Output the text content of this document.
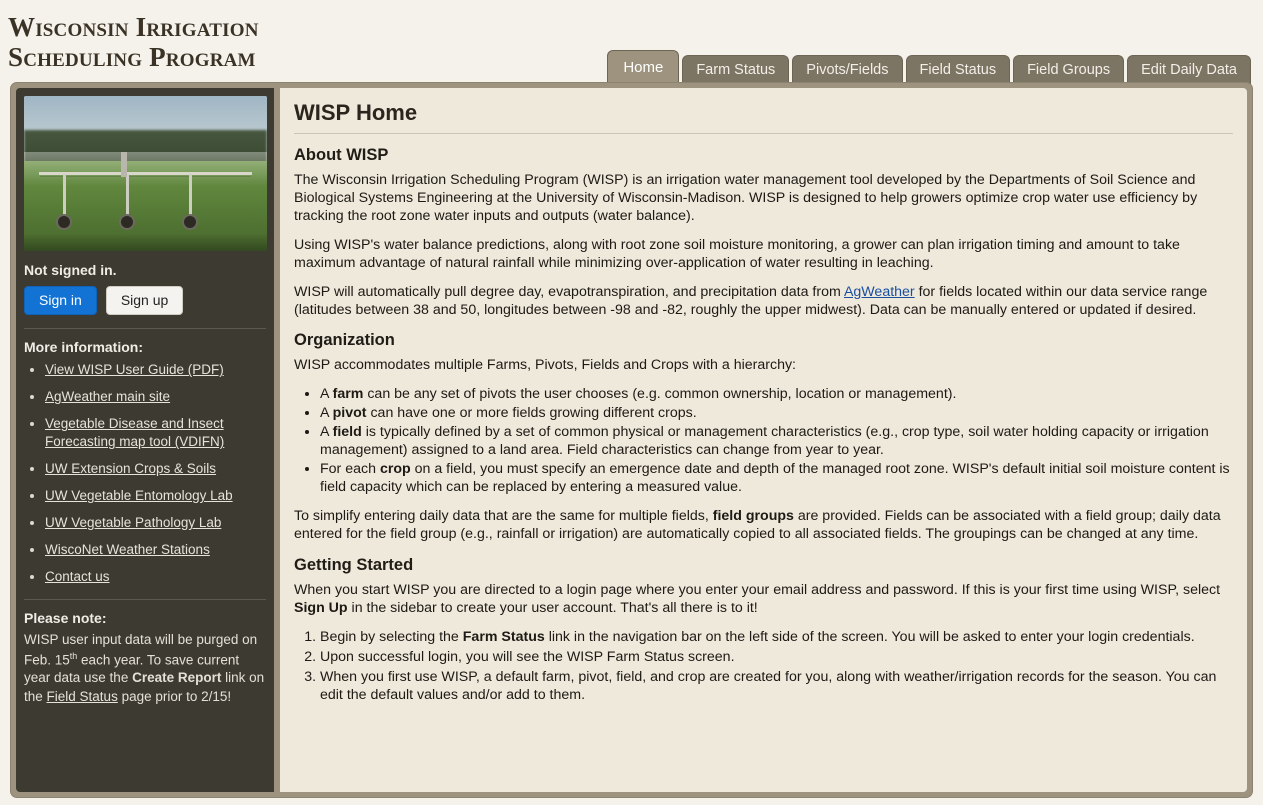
Wisconsin Irrigation
Scheduling Program	Home	Farm Status	Pivots/Fields	Field Status	Field Groups	Edit Daily Data
Not signed in.
Sign in	Sign up
More information:
• View WISP User Guide (PDF)
• AgWeather main site
• Vegetable Disease and Insect Forecasting map tool (VDIFN)
• UW Extension Crops & Soils
• UW Vegetable Entomology Lab
• UW Vegetable Pathology Lab
• WiscoNet Weather Stations
• Contact us
Please note:
WISP user input data will be purged on Feb. 15th each year. To save current year data use the Create Report link on the Field Status page prior to 2/15!
WISP Home
About WISP

The Wisconsin Irrigation Scheduling Program (WISP) is an irrigation water management tool developed by the Departments of Soil Science and Biological Systems Engineering at the University of Wisconsin-Madison. WISP is designed to help growers optimize crop water use efficiency by tracking the root zone water inputs and outputs (water balance).

Using WISP's water balance predictions, along with root zone soil moisture monitoring, a grower can plan irrigation timing and amount to take maximum advantage of natural rainfall while minimizing over-application of water resulting in leaching.

WISP will automatically pull degree day, evapotranspiration, and precipitation data from AgWeather for fields located within our data service range (latitudes between 38 and 50, longitudes between -98 and -82, roughly the upper midwest). Data can be manually entered or updated if desired.

Organization

WISP accommodates multiple Farms, Pivots, Fields and Crops with a hierarchy:

• A farm can be any set of pivots the user chooses (e.g. common ownership, location or management).
• A pivot can have one or more fields growing different crops.
• A field is typically defined by a set of common physical or management characteristics (e.g., crop type, soil water holding capacity or irrigation management) assigned to a land area. Field characteristics can change from year to year.
• For each crop on a field, you must specify an emergence date and depth of the managed root zone. WISP's default initial soil moisture content is field capacity which can be replaced by entering a measured value.

To simplify entering daily data that are the same for multiple fields, field groups are provided. Fields can be associated with a field group; daily data entered for the field group (e.g., rainfall or irrigation) are automatically copied to all associated fields. The groupings can be changed at any time.

Getting Started

When you start WISP you are directed to a login page where you enter your email address and password. If this is your first time using WISP, select Sign Up in the sidebar to create your user account. That's all there is to it!

1. Begin by selecting the Farm Status link in the navigation bar on the left side of the screen. You will be asked to enter your login credentials.
2. Upon successful login, you will see the WISP Farm Status screen.
3. When you first use WISP, a default farm, pivot, field, and crop are created for you, along with weather/irrigation records for the season. You can edit the default values and/or add to them.
